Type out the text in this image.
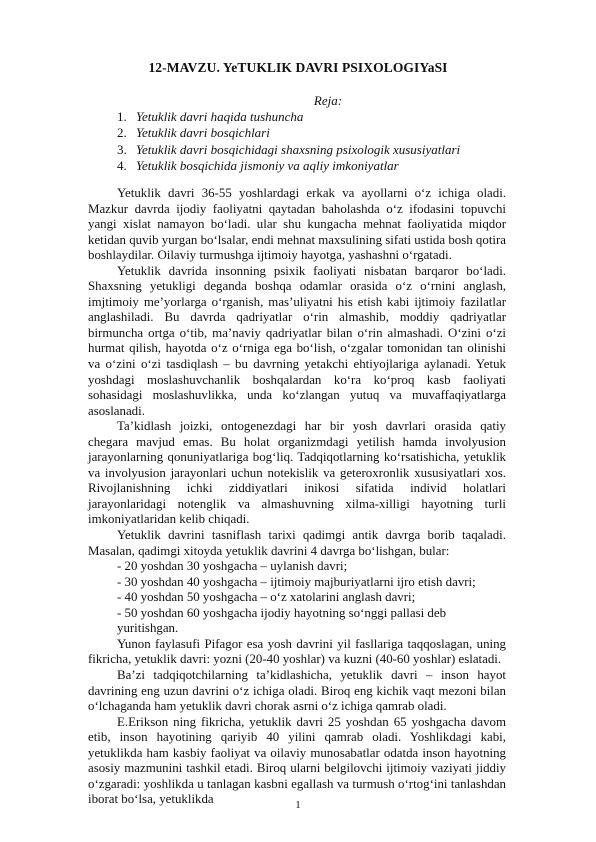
12-MAVZU. YeTUKLIK DAVRI PSIXOLOGIYaSI
Reja:
1. Yetuklik davri haqida tushuncha
2. Yetuklik davri bosqichlari
3. Yetuklik davri bosqichidagi shaxsning psixologik xususiyatlari
4. Yetuklik bosqichida jismoniy va aqliy imkoniyatlar

Yetuklik davri 36-55 yoshlardagi erkak va ayollarni o‘z ichiga oladi. Mazkur davrda ijodiy faoliyatni qaytadan baholashda o‘z ifodasini topuvchi yangi xislat namayon bo‘ladi. ular shu kungacha mehnat faoliyatida miqdor ketidan quvib yurgan bo‘lsalar, endi mehnat maxsulining sifati ustida bosh qotira boshlaydilar. Oilaviy turmushga ijtimoiy hayotga, yashashni o‘rgatadi.

Yetuklik davrida insonning psixik faoliyati nisbatan barqaror bo‘ladi. Shaxsning yetukligi deganda boshqa odamlar orasida o‘z o‘rnini anglash, imjtimoiy me’yorlarga o‘rganish, mas’uliyatni his etish kabi ijtimoiy fazilatlar anglashiladi. Bu davrda qadriyatlar o‘rin almashib, moddiy qadriyatlar birmuncha ortga o‘tib, ma’naviy qadriyatlar bilan o‘rin almashadi. O‘zini o‘zi hurmat qilish, hayotda o‘z o‘rniga ega bo‘lish, o‘zgalar tomonidan tan olinishi va o‘zini o‘zi tasdiqlash – bu davrning yetakchi ehtiyojlariga aylanadi. Yetuk yoshdagi moslashuvchanlik boshqalardan ko‘ra ko‘proq kasb faoliyati sohasidagi moslashuvlikka, unda ko‘zlangan yutuq va muvaffaqiyatlarga asoslanadi.

Ta’kidlash joizki, ontogenezdagi har bir yosh davrlari orasida qatiy chegara mavjud emas. Bu holat organizmdagi yetilish hamda involyusion jarayonlarning qonuniyatlariga bog‘liq. Tadqiqotlarning ko‘rsatishicha, yetuklik va involyusion jarayonlari uchun notekislik va geteroxronlik xususiyatlari xos. Rivojlanishning ichki ziddiyatlari inikosi sifatida individ holatlari jarayonlaridagi notenglik va almashuvning xilma-xilligi hayotning turli imkoniyatlaridan kelib chiqadi.

Yetuklik davrini tasniflash tarixi qadimgi antik davrga borib taqaladi. Masalan, qadimgi xitoyda yetuklik davrini 4 davrga bo‘lishgan, bular:

- 20 yoshdan 30 yoshgacha – uylanish davri;

- 30 yoshdan 40 yoshgacha – ijtimoiy majburiyatlarni ijro etish davri;

- 40 yoshdan 50 yoshgacha – o‘z xatolarini anglash davri;

- 50 yoshdan 60 yoshgacha ijodiy hayotning so‘nggi pallasi deb yuritishgan.

Yunon faylasufi Pifagor esa yosh davrini yil fasllariga taqqoslagan, uning fikricha, yetuklik davri: yozni (20-40 yoshlar) va kuzni (40-60 yoshlar) eslatadi.

Ba’zi tadqiqotchilarning ta’kidlashicha, yetuklik davri – inson hayot davrining eng uzun davrini o‘z ichiga oladi. Biroq eng kichik vaqt mezoni bilan o‘lchaganda ham yetuklik davri chorak asrni o‘z ichiga qamrab oladi.

E.Erikson ning fikricha, yetuklik davri 25 yoshdan 65 yoshgacha davom etib, inson hayotining qariyib 40 yilini qamrab oladi. Yoshlikdagi kabi, yetuklikda ham kasbiy faoliyat va oilaviy munosabatlar odatda inson hayotning asosiy mazmunini tashkil etadi. Biroq ularni belgilovchi ijtimoiy vaziyati jiddiy o‘zgaradi: yoshlikda u tanlagan kasbni egallash va turmush o‘rtog‘ini tanlashdan iborat bo‘lsa, yetuklikda	1
